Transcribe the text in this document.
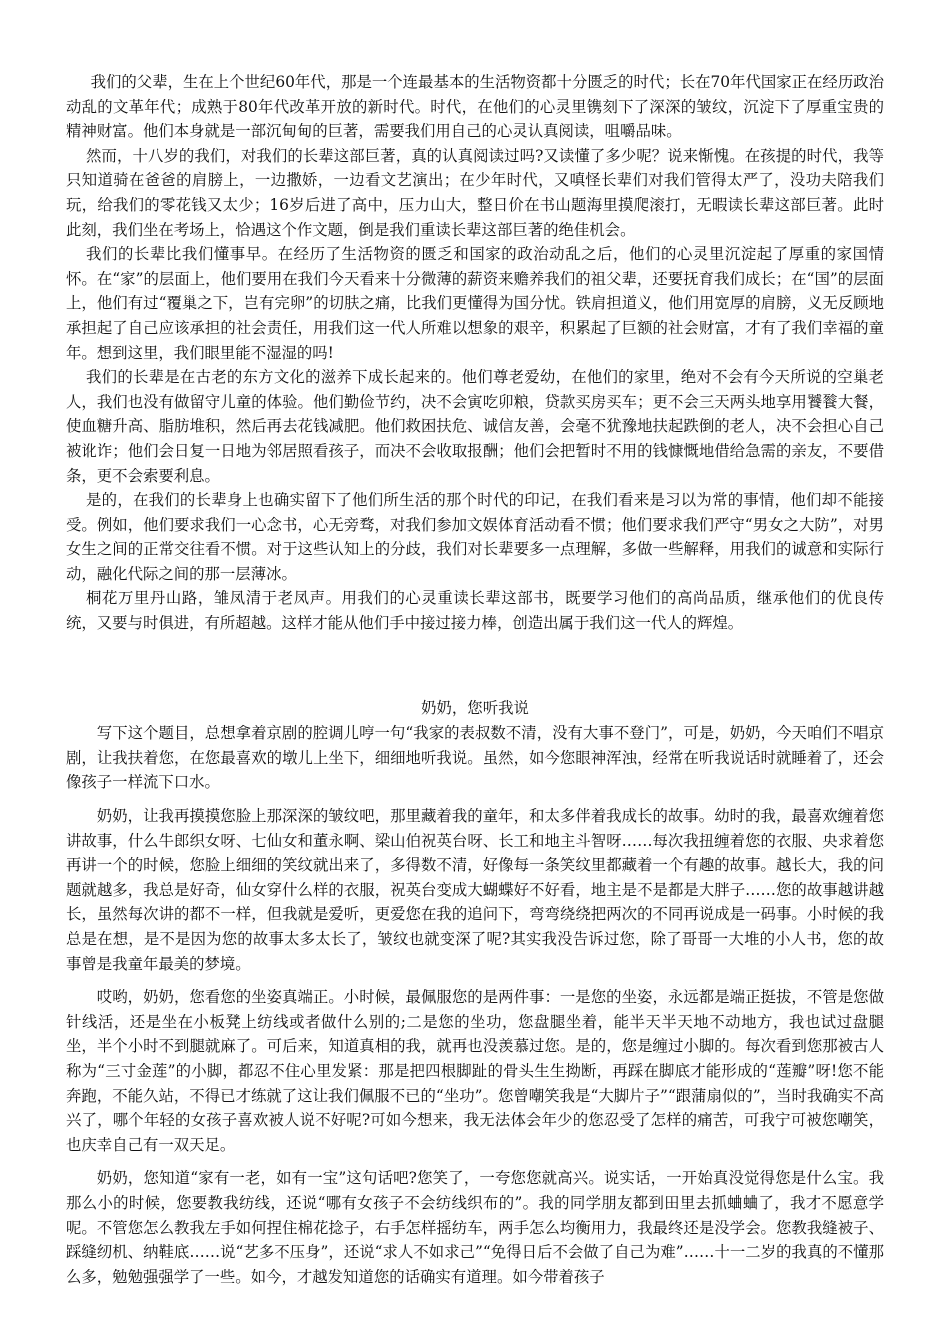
我们的父辈，生在上个世纪60年代，那是一个连最基本的生活物资都十分匮乏的时代；长在70年代国家正在经历政治动乱的文革年代；成熟于80年代改革开放的新时代。时代，在他们的心灵里镌刻下了深深的皱纹，沉淀下了厚重宝贵的精神财富。他们本身就是一部沉甸甸的巨著，需要我们用自己的心灵认真阅读，咀嚼品味。

然而，十八岁的我们，对我们的长辈这部巨著，真的认真阅读过吗?又读懂了多少呢？说来惭愧。在孩提的时代，我等只知道骑在爸爸的肩膀上，一边撒娇，一边看文艺演出；在少年时代，又嗔怪长辈们对我们管得太严了，没功夫陪我们玩，给我们的零花钱又太少；16岁后进了高中，压力山大，整日价在书山题海里摸爬滚打，无暇读长辈这部巨著。此时此刻，我们坐在考场上，恰遇这个作文题，倒是我们重读长辈这部巨著的绝佳机会。

我们的长辈比我们懂事早。在经历了生活物资的匮乏和国家的政治动乱之后，他们的心灵里沉淀起了厚重的家国情怀。在“家”的层面上，他们要用在我们今天看来十分微薄的薪资来赡养我们的祖父辈，还要抚育我们成长；在“国”的层面上，他们有过“覆巢之下，岂有完卵”的切肤之痛，比我们更懂得为国分忧。铁肩担道义，他们用宽厚的肩膀，义无反顾地承担起了自己应该承担的社会责任，用我们这一代人所难以想象的艰辛，积累起了巨额的社会财富，才有了我们幸福的童年。想到这里，我们眼里能不湿湿的吗!

我们的长辈是在古老的东方文化的滋养下成长起来的。他们尊老爱幼，在他们的家里，绝对不会有今天所说的空巢老人，我们也没有做留守儿童的体验。他们勤俭节约，决不会寅吃卯粮，贷款买房买车；更不会三天两头地享用饕餮大餐，使血糖升高、脂肪堆积，然后再去花钱减肥。他们救困扶危、诚信友善，会毫不犹豫地扶起跌倒的老人，决不会担心自己被讹诈；他们会日复一日地为邻居照看孩子，而决不会收取报酬；他们会把暂时不用的钱慷慨地借给急需的亲友，不要借条，更不会索要利息。

是的，在我们的长辈身上也确实留下了他们所生活的那个时代的印记，在我们看来是习以为常的事情，他们却不能接受。例如，他们要求我们一心念书，心无旁骛，对我们参加文娱体育活动看不惯；他们要求我们严守“男女之大防”，对男女生之间的正常交往看不惯。对于这些认知上的分歧，我们对长辈要多一点理解，多做一些解释，用我们的诚意和实际行动，融化代际之间的那一层薄冰。

桐花万里丹山路，雏凤清于老凤声。用我们的心灵重读长辈这部书，既要学习他们的高尚品质，继承他们的优良传统，又要与时俱进，有所超越。这样才能从他们手中接过接力棒，创造出属于我们这一代人的辉煌。

奶奶，您听我说

写下这个题目，总想拿着京剧的腔调儿哼一句“我家的表叔数不清，没有大事不登门”，可是，奶奶，今天咱们不唱京剧，让我扶着您，在您最喜欢的墩儿上坐下，细细地听我说。虽然，如今您眼神浑浊，经常在听我说话时就睡着了，还会像孩子一样流下口水。

奶奶，让我再摸摸您脸上那深深的皱纹吧，那里藏着我的童年，和太多伴着我成长的故事。幼时的我，最喜欢缠着您讲故事，什么牛郎织女呀、七仙女和董永啊、梁山伯祝英台呀、长工和地主斗智呀……每次我扭缠着您的衣服、央求着您再讲一个的时候，您脸上细细的笑纹就出来了，多得数不清，好像每一条笑纹里都藏着一个有趣的故事。越长大，我的问题就越多，我总是好奇，仙女穿什么样的衣服，祝英台变成大蝴蝶好不好看，地主是不是都是大胖子……您的故事越讲越长，虽然每次讲的都不一样，但我就是爱听，更爱您在我的追问下，弯弯绕绕把两次的不同再说成是一码事。小时候的我总是在想，是不是因为您的故事太多太长了，皱纹也就变深了呢?其实我没告诉过您，除了哥哥一大堆的小人书，您的故事曾是我童年最美的梦境。

哎哟，奶奶，您看您的坐姿真端正。小时候，最佩服您的是两件事：一是您的坐姿，永远都是端正挺拔，不管是您做针线活，还是坐在小板凳上纺线或者做什么别的;二是您的坐功，您盘腿坐着，能半天半天地不动地方，我也试过盘腿坐，半个小时不到腿就麻了。可后来，知道真相的我，就再也没羡慕过您。是的，您是缠过小脚的。每次看到您那被古人称为“三寸金莲”的小脚，都忍不住心里发紧：那是把四根脚趾的骨头生生拗断，再踩在脚底才能形成的“莲瓣”呀!您不能奔跑，不能久站，不得已才练就了这让我们佩服不已的“坐功”。您曾嘲笑我是“大脚片子”“跟蒲扇似的”，当时我确实不高兴了，哪个年轻的女孩子喜欢被人说不好呢?可如今想来，我无法体会年少的您忍受了怎样的痛苦，可我宁可被您嘲笑，也庆幸自己有一双天足。

奶奶，您知道“家有一老，如有一宝”这句话吧?您笑了，一夸您您就高兴。说实话，一开始真没觉得您是什么宝。我那么小的时候，您要教我纺线，还说“哪有女孩子不会纺线织布的”。我的同学朋友都到田里去抓蛐蛐了，我才不愿意学呢。不管您怎么教我左手如何捏住棉花捻子，右手怎样摇纺车，两手怎么均衡用力，我最终还是没学会。您教我缝被子、踩缝纫机、纳鞋底……说“艺多不压身”，还说“求人不如求己”“免得日后不会做了自己为难”……十一二岁的我真的不懂那么多，勉勉强强学了一些。如今，才越发知道您的话确实有道理。如今带着孩子
